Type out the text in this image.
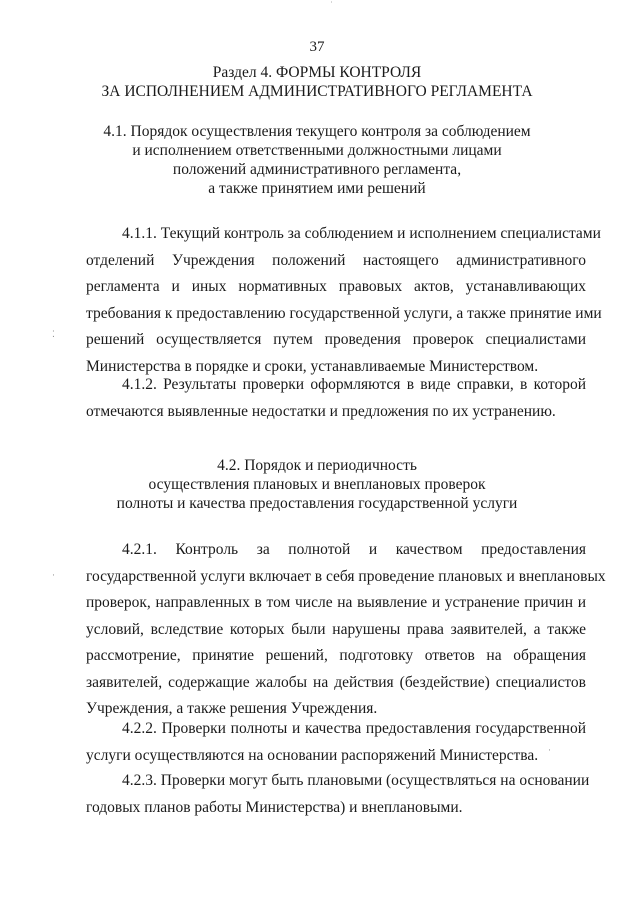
37
Раздел 4. ФОРМЫ КОНТРОЛЯ
ЗА ИСПОЛНЕНИЕМ АДМИНИСТРАТИВНОГО РЕГЛАМЕНТА
4.1. Порядок осуществления текущего контроля за соблюдением
и исполнением ответственными должностными лицами
положений административного регламента,
а также принятием ими решений
4.1.1. Текущий контроль за соблюдением и исполнением специалистами
отделений Учреждения положений настоящего административного
регламента и иных нормативных правовых актов, устанавливающих
требования к предоставлению государственной услуги, а также принятие ими
решений осуществляется путем проведения проверок специалистами
Министерства в порядке и сроки, устанавливаемые Министерством.
4.1.2. Результаты проверки оформляются в виде справки, в которой
отмечаются выявленные недостатки и предложения по их устранению.
4.2. Порядок и периодичность
осуществления плановых и внеплановых проверок
полноты и качества предоставления государственной услуги
4.2.1. Контроль за полнотой и качеством предоставления
государственной услуги включает в себя проведение плановых и внеплановых
проверок, направленных в том числе на выявление и устранение причин и
условий, вследствие которых были нарушены права заявителей, а также
рассмотрение, принятие решений, подготовку ответов на обращения
заявителей, содержащие жалобы на действия (бездействие) специалистов
Учреждения, а также решения Учреждения.
4.2.2. Проверки полноты и качества предоставления государственной
услуги осуществляются на основании распоряжений Министерства.
4.2.3. Проверки могут быть плановыми (осуществляться на основании
годовых планов работы Министерства) и внеплановыми.
⁚
·
·
˙
